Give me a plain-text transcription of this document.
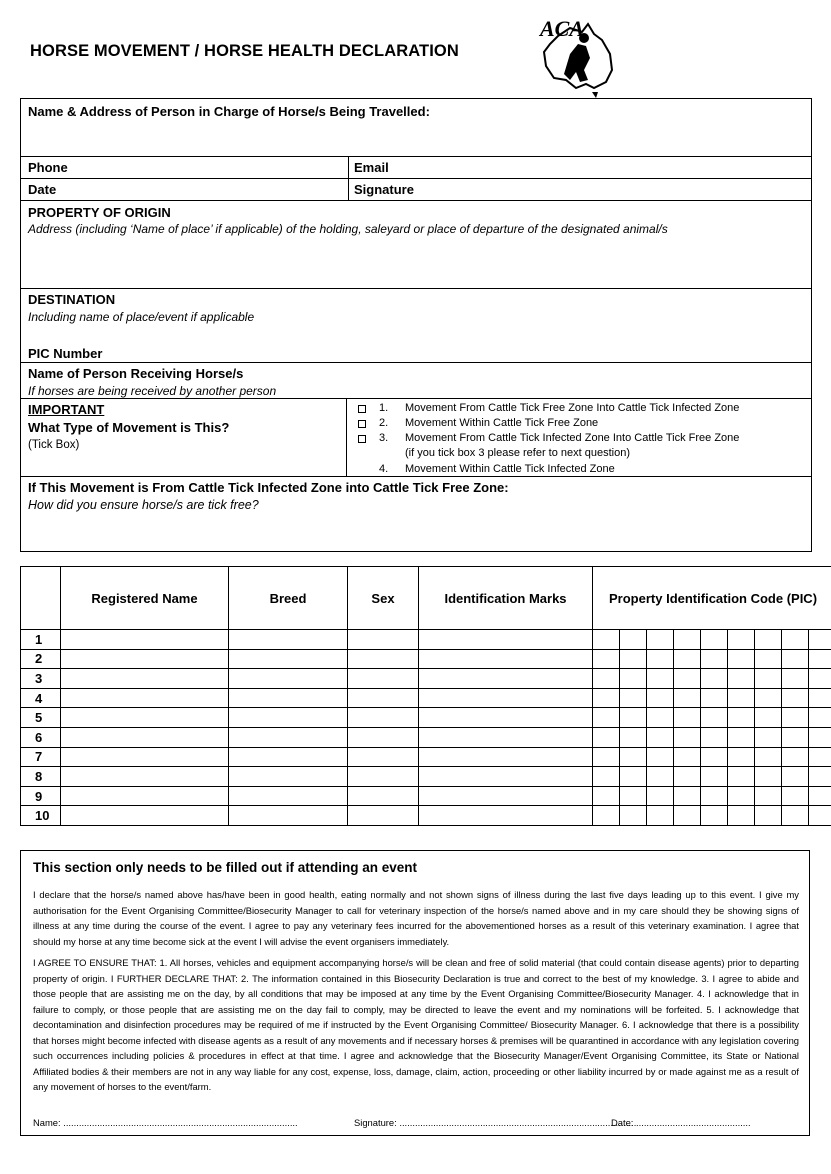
HORSE MOVEMENT / HORSE HEALTH DECLARATION
ACA
Name & Address of Person in Charge of Horse/s Being Travelled:
Phone	Email
Date	Signature
PROPERTY OF ORIGIN
Address (including ‘Name of place’ if applicable) of the holding, saleyard or place of departure of the designated animal/s
DESTINATION
Including name of place/event if applicable
PIC Number
Name of Person Receiving Horse/s
If horses are being received by another person
IMPORTANT
What Type of Movement is This?
(Tick Box)
1. Movement From Cattle Tick Free Zone Into Cattle Tick Infected Zone
2. Movement Within Cattle Tick Free Zone
3. Movement From Cattle Tick Infected Zone Into Cattle Tick Free Zone
(if you tick box 3 please refer to next question)
4. Movement Within Cattle Tick Infected Zone
If This Movement is From Cattle Tick Infected Zone into Cattle Tick Free Zone:
How did you ensure horse/s are tick free?
	Registered Name	Breed	Sex	Identification Marks	Property Identification Code (PIC)								
1													
2													
3													
4													
5													
6													
7													
8													
9													
10													
This section only needs to be filled out if attending an event
I declare that the horse/s named above has/have been in good health, eating normally and not shown signs of illness during the last five days leading up to this event. I give my authorisation for the Event Organising Committee/Biosecurity Manager to call for veterinary inspection of the horse/s named above and in my care should they be showing signs of illness at any time during the course of the event. I agree to pay any veterinary fees incurred for the abovementioned horses as a result of this veterinary examination. I agree that should my horse at any time become sick at the event I will advise the event organisers immediately.
I AGREE TO ENSURE THAT: 1. All horses, vehicles and equipment accompanying horse/s will be clean and free of solid material (that could contain disease agents) prior to departing property of origin. I FURTHER DECLARE THAT: 2. The information contained in this Biosecurity Declaration is true and correct to the best of my knowledge. 3. I agree to abide and those people that are assisting me on the day, by all conditions that may be imposed at any time by the Event Organising Committee/Biosecurity Manager. 4. I acknowledge that in failure to comply, or those people that are assisting me on the day fail to comply, may be directed to leave the event and my nominations will be forfeited. 5. I acknowledge that decontamination and disinfection procedures may be required of me if instructed by the Event Organising Committee/ Biosecurity Manager. 6. I acknowledge that there is a possibility that horses might become infected with disease agents as a result of any movements and if necessary horses & premises will be quarantined in accordance with any legislation covering such occurrences including policies & procedures in effect at that time. I agree and acknowledge that the Biosecurity Manager/Event Organising Committee, its State or National Affiliated bodies & their members are not in any way liable for any cost, expense, loss, damage, claim, action, proceeding or other liability incurred by or made against me as a result of any movement of horses to the event/farm.
Name: ..........................................................................................	Signature: ...........................................................................................
Date: ............................................
